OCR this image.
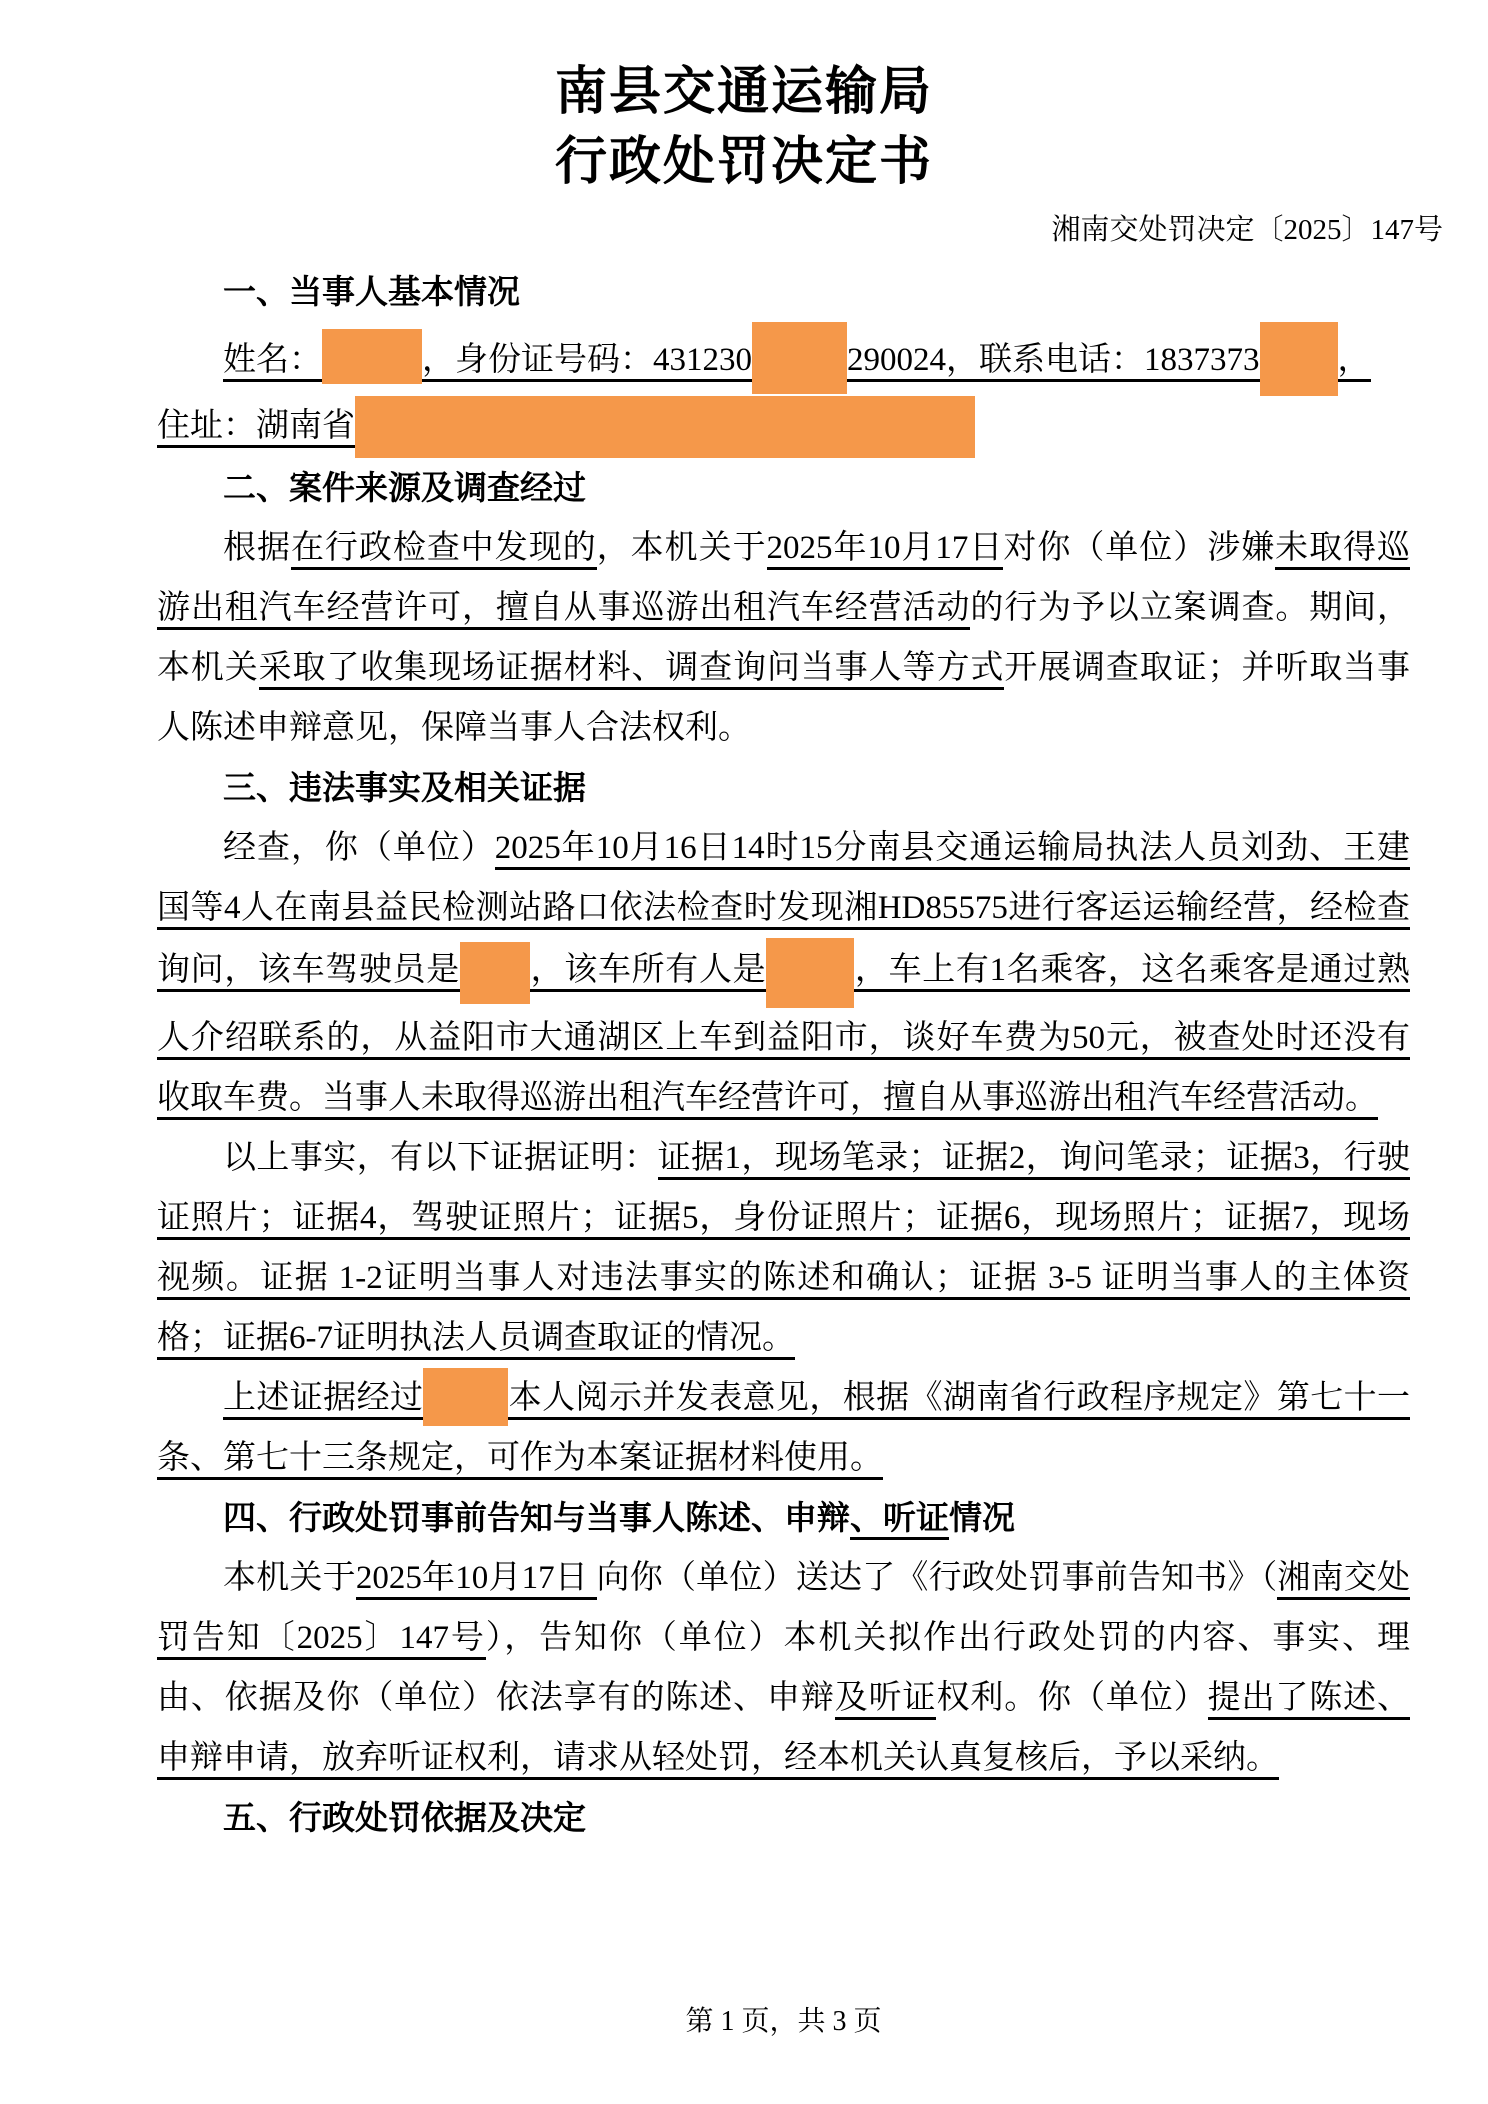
南县交通运输局
行政处罚决定书
湘南交处罚决定〔2025〕147号

一、当事人基本情况

姓名：	，身份证号码：431230	290024，联系电话：1837373 ，

住址：湖南省

二、案件来源及调查经过

根据在行政检查中发现的，本机关于2025年10月17日对你（单位）涉嫌未取得巡游出租汽车经营许可，擅自从事巡游出租汽车经营活动的行为予以立案调查。期间，本机关采取了收集现场证据材料、调查询问当事人等方式开展调查取证；并听取当事人陈述申辩意见，保障当事人合法权利。

三、违法事实及相关证据

经查，你（单位）2025年10月16日14时15分南县交通运输局执法人员刘劲、王建国等4人在南县益民检测站路口依法检查时发现湘HD85575进行客运运输经营，经检查询问，该车驾驶员是 ，该车所有人是	，车上有1名乘客，这名乘客是通过熟人介绍联系的，从益阳市大通湖区上车到益阳市，谈好车费为50元，被查处时还没有收取车费。当事人未取得巡游出租汽车经营许可，擅自从事巡游出租汽车经营活动。

以上事实，有以下证据证明：证据1，现场笔录；证据2，询问笔录；证据3，行驶证照片；证据4，驾驶证照片；证据5，身份证照片；证据6，现场照片；证据7，现场视频。证据 1-2证明当事人对违法事实的陈述和确认；证据 3-5 证明当事人的主体资格；证据6-7证明执法人员调查取证的情况。

上述证据经过	本人阅示并发表意见，根据《湖南省行政程序规定》第七十一条、第七十三条规定，可作为本案证据材料使用。

四、行政处罚事前告知与当事人陈述、申辩、听证情况

本机关于2025年10月17日 向你（单位）送达了《行政处罚事前告知书》（湘南交处罚告知〔2025〕147号），告知你（单位）本机关拟作出行政处罚的内容、事实、理由、依据及你（单位）依法享有的陈述、申辩及听证权利。你（单位）提出了陈述、申辩申请，放弃听证权利，请求从轻处罚，经本机关认真复核后，予以采纳。

五、行政处罚依据及决定

第 1 页，共 3 页
